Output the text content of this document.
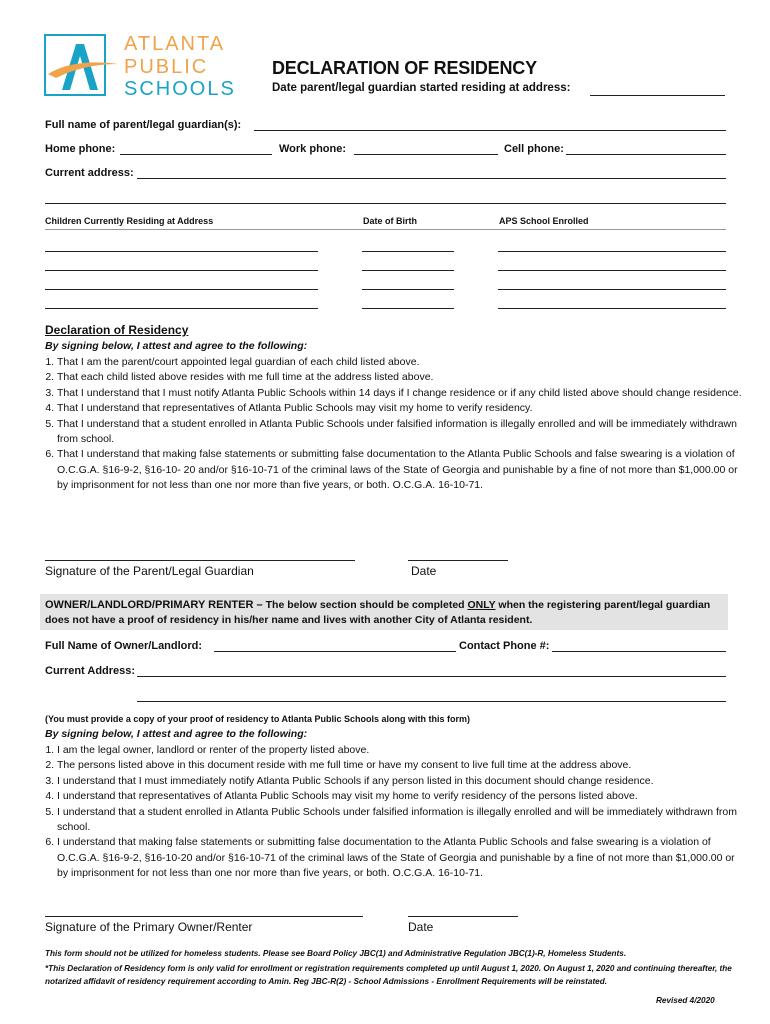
ATLANTA
PUBLIC
SCHOOLS
DECLARATION OF RESIDENCY
Date parent/legal guardian started residing at address:
Full name of parent/legal guardian(s):
Home phone:	Work phone:	Cell phone:
Current address:
Children Currently Residing at Address	Date of Birth	APS School Enrolled
Declaration of Residency
By signing below, I attest and agree to the following:
1. That I am the parent/court appointed legal guardian of each child listed above.
2. That each child listed above resides with me full time at the address listed above.
3. That I understand that I must notify Atlanta Public Schools within 14 days if I change residence or if any child listed above should change residence.
4. That I understand that representatives of Atlanta Public Schools may visit my home to verify residency.
5. That I understand that a student enrolled in Atlanta Public Schools under falsified information is illegally enrolled and will be immediately withdrawn from school.
6. That I understand that making false statements or submitting false documentation to the Atlanta Public Schools and false swearing is a violation of O.C.G.A. §16-9-2, §16-10- 20 and/or §16-10-71 of the criminal laws of the State of Georgia and punishable by a fine of not more than $1,000.00 or by imprisonment for not less than one nor more than five years, or both. O.C.G.A. 16-10-71.
Signature of the Parent/Legal Guardian	Date
OWNER/LANDLORD/PRIMARY RENTER – The below section should be completed ONLY when the registering parent/legal guardian does not have a proof of residency in his/her name and lives with another City of Atlanta resident.
Full Name of Owner/Landlord:	Contact Phone #:
Current Address:
(You must provide a copy of your proof of residency to Atlanta Public Schools along with this form)
By signing below, I attest and agree to the following:
1. I am the legal owner, landlord or renter of the property listed above.
2. The persons listed above in this document reside with me full time or have my consent to live full time at the address above.
3. I understand that I must immediately notify Atlanta Public Schools if any person listed in this document should change residence.
4. I understand that representatives of Atlanta Public Schools may visit my home to verify residency of the persons listed above.
5. I understand that a student enrolled in Atlanta Public Schools under falsified information is illegally enrolled and will be immediately withdrawn from school.
6. I understand that making false statements or submitting false documentation to the Atlanta Public Schools and false swearing is a violation of O.C.G.A. §16-9-2, §16-10-20 and/or §16-10-71 of the criminal laws of the State of Georgia and punishable by a fine of not more than $1,000.00 or by imprisonment for not less than one nor more than five years, or both. O.C.G.A. 16-10-71.
Signature of the Primary Owner/Renter	Date
This form should not be utilized for homeless students. Please see Board Policy JBC(1) and Administrative Regulation JBC(1)-R, Homeless Students.
*This Declaration of Residency form is only valid for enrollment or registration requirements completed up until August 1, 2020. On August 1, 2020 and continuing thereafter, the notarized affidavit of residency requirement according to Amin. Reg JBC-R(2) - School Admissions - Enrollment Requirements will be reinstated.
Revised 4/2020
